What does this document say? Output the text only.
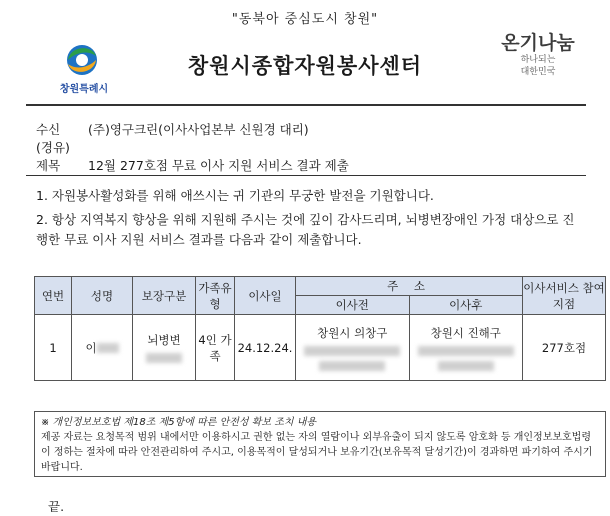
"동북아 중심도시 창원"
창원특례시
창원시종합자원봉사센터
온기나눔
하나되는
대한민국
수신 (주)영구크린(이사사업본부 신원경 대리)
(경유)
제목 12월 277호점 무료 이사 지원 서비스 결과 제출
1. 자원봉사활성화를 위해 애쓰시는 귀 기관의 무궁한 발전을 기원합니다.
2. 항상 지역복지 향상을 위해 지원해 주시는 것에 깊이 감사드리며, 뇌병변장애인 가정 대상으로 진행한 무료 이사 지원 서비스 결과를 다음과 같이 제출합니다.
연번	성명	보장구분	가족유형	이사일	주 소		이사서비스 참여지점
					이사전	이사후	
1	이	뇌병변	4인 가족	24.12.24.	창원시 의창구	창원시 진해구	277호점
※ 개인정보보호법 제18조 제5항에 따른 안전성 확보 조치 내용
제공 자료는 요청목적 범위 내에서만 이용하시고 권한 없는 자의 열람이나 외부유출이 되지 않도록 암호화 등 개인정보보호법령이 정하는 절차에 따라 안전관리하여 주시고, 이용목적이 달성되거나 보유기간(보유목적 달성기간)이 경과하면 파기하여 주시기 바랍니다.
끝.
